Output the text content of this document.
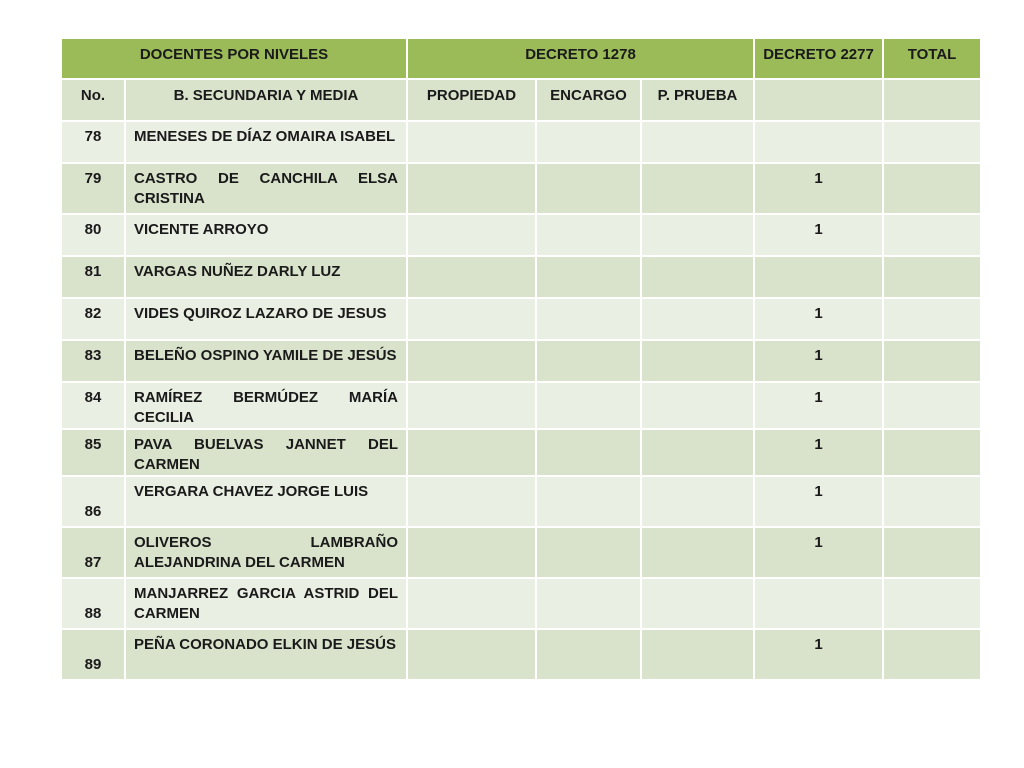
DOCENTES POR NIVELES		DECRETO 1278			DECRETO 2277	TOTAL
No.	B. SECUNDARIA Y MEDIA	PROPIEDAD	ENCARGO	P. PRUEBA		
78	MENESES DE DÍAZ OMAIRA ISABEL					
79	CASTRO DE CANCHILA ELSA CRISTINA				1	
80	VICENTE ARROYO				1	
81	VARGAS NUÑEZ DARLY LUZ					
82	VIDES QUIROZ LAZARO DE JESUS				1	
83	BELEÑO OSPINO YAMILE DE JESÚS				1	
84	RAMÍREZ BERMÚDEZ MARÍA CECILIA				1	
85	PAVA BUELVAS JANNET DEL CARMEN				1	
86	VERGARA CHAVEZ JORGE LUIS				1	
87	OLIVEROS LAMBRAÑO ALEJANDRINA DEL CARMEN				1	
88	MANJARREZ GARCIA ASTRID DEL CARMEN					
89	PEÑA CORONADO ELKIN DE JESÚS				1	
